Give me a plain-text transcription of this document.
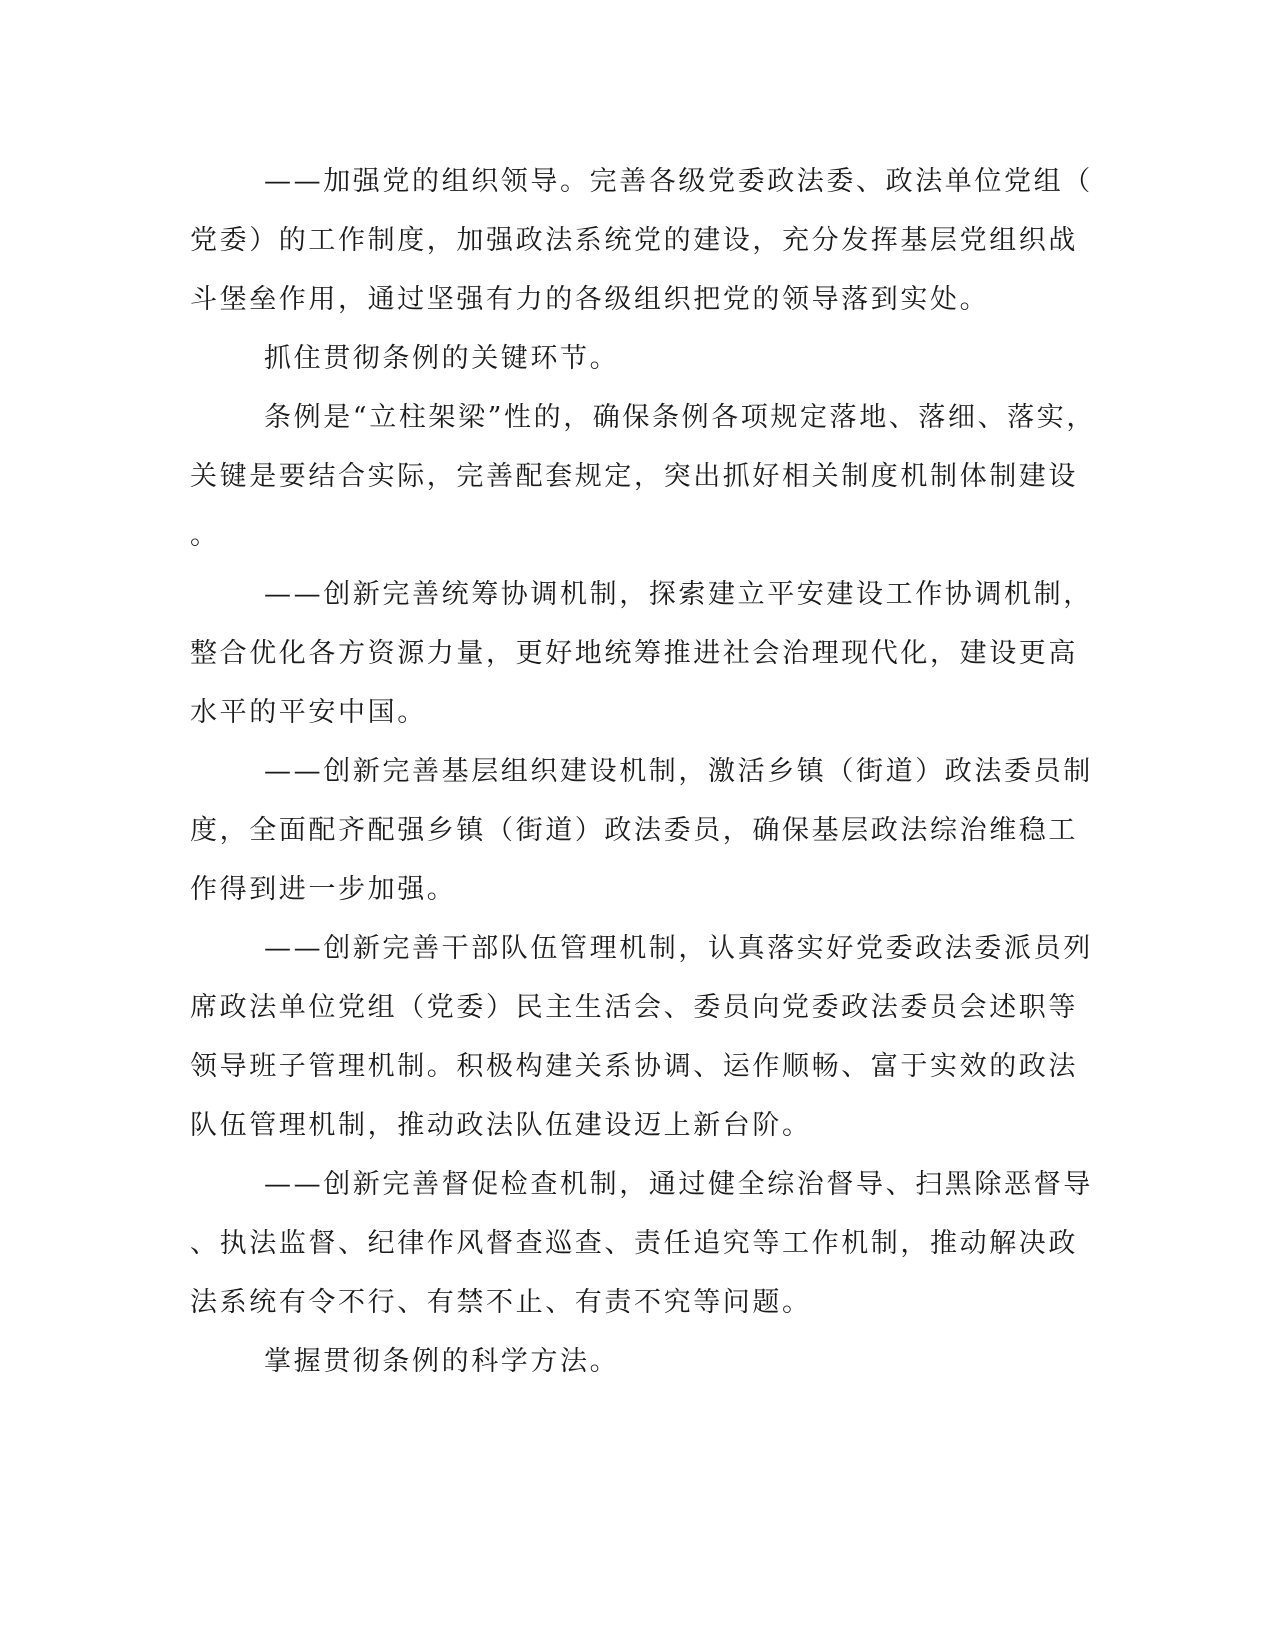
——加强党的组织领导。完善各级党委政法委、政法单位党组（
党委）的工作制度，加强政法系统党的建设，充分发挥基层党组织战
斗堡垒作用，通过坚强有力的各级组织把党的领导落到实处。
抓住贯彻条例的关键环节。
条例是“立柱架梁”性的，确保条例各项规定落地、落细、落实，
关键是要结合实际，完善配套规定，突出抓好相关制度机制体制建设
。
——创新完善统筹协调机制，探索建立平安建设工作协调机制，
整合优化各方资源力量，更好地统筹推进社会治理现代化，建设更高
水平的平安中国。
——创新完善基层组织建设机制，激活乡镇（街道）政法委员制
度，全面配齐配强乡镇（街道）政法委员，确保基层政法综治维稳工
作得到进一步加强。
——创新完善干部队伍管理机制，认真落实好党委政法委派员列
席政法单位党组（党委）民主生活会、委员向党委政法委员会述职等
领导班子管理机制。积极构建关系协调、运作顺畅、富于实效的政法
队伍管理机制，推动政法队伍建设迈上新台阶。
——创新完善督促检查机制，通过健全综治督导、扫黑除恶督导
、执法监督、纪律作风督查巡查、责任追究等工作机制，推动解决政
法系统有令不行、有禁不止、有责不究等问题。
掌握贯彻条例的科学方法。
